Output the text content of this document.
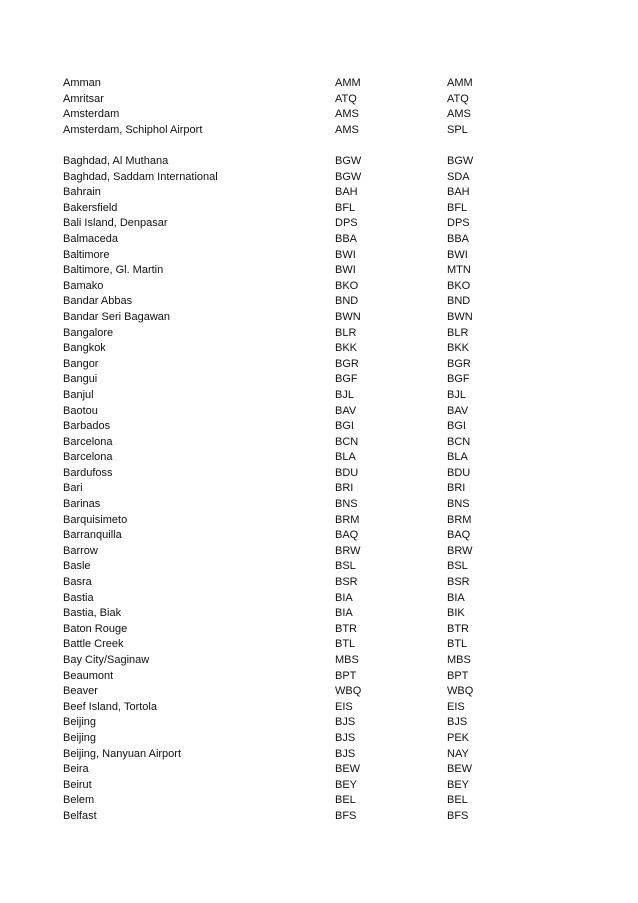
Amman	AMM	AMM
Amritsar	ATQ	ATQ
Amsterdam	AMS	AMS
Amsterdam, Schiphol Airport	AMS	SPL
Baghdad, Al Muthana	BGW	BGW
Baghdad, Saddam International	BGW	SDA
Bahrain	BAH	BAH
Bakersfield	BFL	BFL
Bali Island, Denpasar	DPS	DPS
Balmaceda	BBA	BBA
Baltimore	BWI	BWI
Baltimore, Gl. Martin	BWI	MTN
Bamako	BKO	BKO
Bandar Abbas	BND	BND
Bandar Seri Bagawan	BWN	BWN
Bangalore	BLR	BLR
Bangkok	BKK	BKK
Bangor	BGR	BGR
Bangui	BGF	BGF
Banjul	BJL	BJL
Baotou	BAV	BAV
Barbados	BGI	BGI
Barcelona	BCN	BCN
Barcelona	BLA	BLA
Bardufoss	BDU	BDU
Bari	BRI	BRI
Barinas	BNS	BNS
Barquisimeto	BRM	BRM
Barranquilla	BAQ	BAQ
Barrow	BRW	BRW
Basle	BSL	BSL
Basra	BSR	BSR
Bastia	BIA	BIA
Bastia, Biak	BIA	BIK
Baton Rouge	BTR	BTR
Battle Creek	BTL	BTL
Bay City/Saginaw	MBS	MBS
Beaumont	BPT	BPT
Beaver	WBQ	WBQ
Beef Island, Tortola	EIS	EIS
Beijing	BJS	BJS
Beijing	BJS	PEK
Beijing, Nanyuan Airport	BJS	NAY
Beira	BEW	BEW
Beirut	BEY	BEY
Belem	BEL	BEL
Belfast	BFS	BFS
